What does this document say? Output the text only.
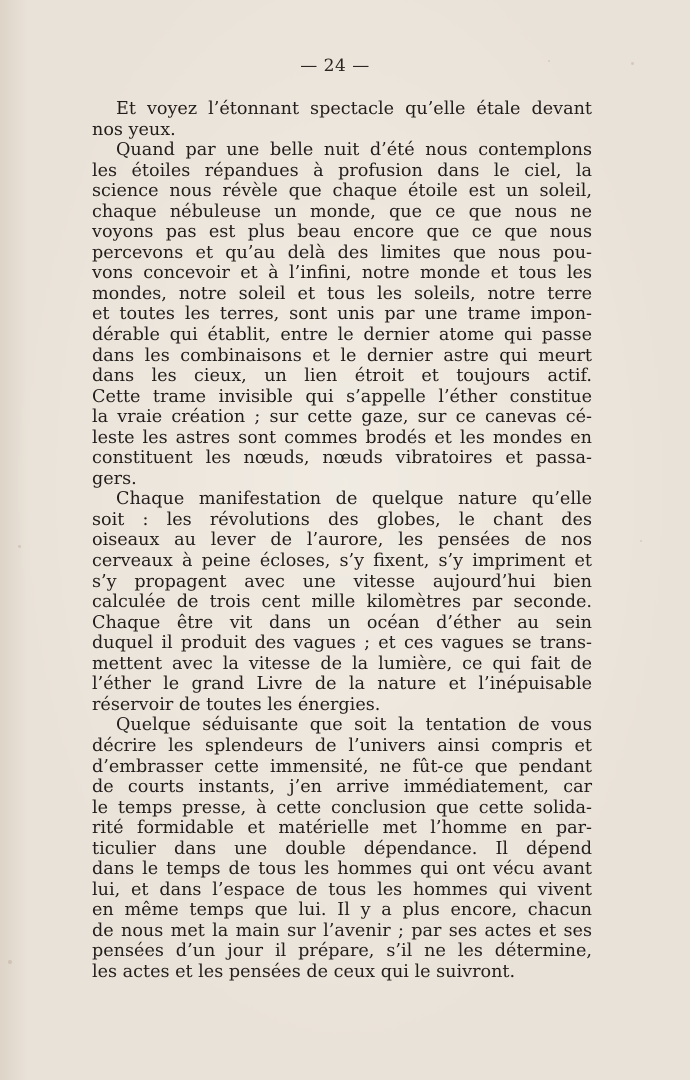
— 24 —
Et voyez l’étonnant spectacle qu’elle étale devant
nos yeux.
Quand par une belle nuit d’été nous contemplons
les étoiles répandues à profusion dans le ciel, la
science nous révèle que chaque étoile est un soleil,
chaque nébuleuse un monde, que ce que nous ne
voyons pas est plus beau encore que ce que nous
percevons et qu’au delà des limites que nous pou-
vons concevoir et à l’infini, notre monde et tous les
mondes, notre soleil et tous les soleils, notre terre
et toutes les terres, sont unis par une trame impon-
dérable qui établit, entre le dernier atome qui passe
dans les combinaisons et le dernier astre qui meurt
dans les cieux, un lien étroit et toujours actif.
Cette trame invisible qui s’appelle l’éther constitue
la vraie création ; sur cette gaze, sur ce canevas cé-
leste les astres sont commes brodés et les mondes en
constituent les nœuds, nœuds vibratoires et passa-
gers.
Chaque manifestation de quelque nature qu’elle
soit : les révolutions des globes, le chant des
oiseaux au lever de l’aurore, les pensées de nos
cerveaux à peine écloses, s’y fixent, s’y impriment et
s’y propagent avec une vitesse aujourd’hui bien
calculée de trois cent mille kilomètres par seconde.
Chaque être vit dans un océan d’éther au sein
duquel il produit des vagues ; et ces vagues se trans-
mettent avec la vitesse de la lumière, ce qui fait de
l’éther le grand Livre de la nature et l’inépuisable
réservoir de toutes les énergies.
Quelque séduisante que soit la tentation de vous
décrire les splendeurs de l’univers ainsi compris et
d’embrasser cette immensité, ne fût-ce que pendant
de courts instants, j’en arrive immédiatement, car
le temps presse, à cette conclusion que cette solida-
rité formidable et matérielle met l’homme en par-
ticulier dans une double dépendance. Il dépend
dans le temps de tous les hommes qui ont vécu avant
lui, et dans l’espace de tous les hommes qui vivent
en même temps que lui. Il y a plus encore, chacun
de nous met la main sur l’avenir ; par ses actes et ses
pensées d’un jour il prépare, s’il ne les détermine,
les actes et les pensées de ceux qui le suivront.
